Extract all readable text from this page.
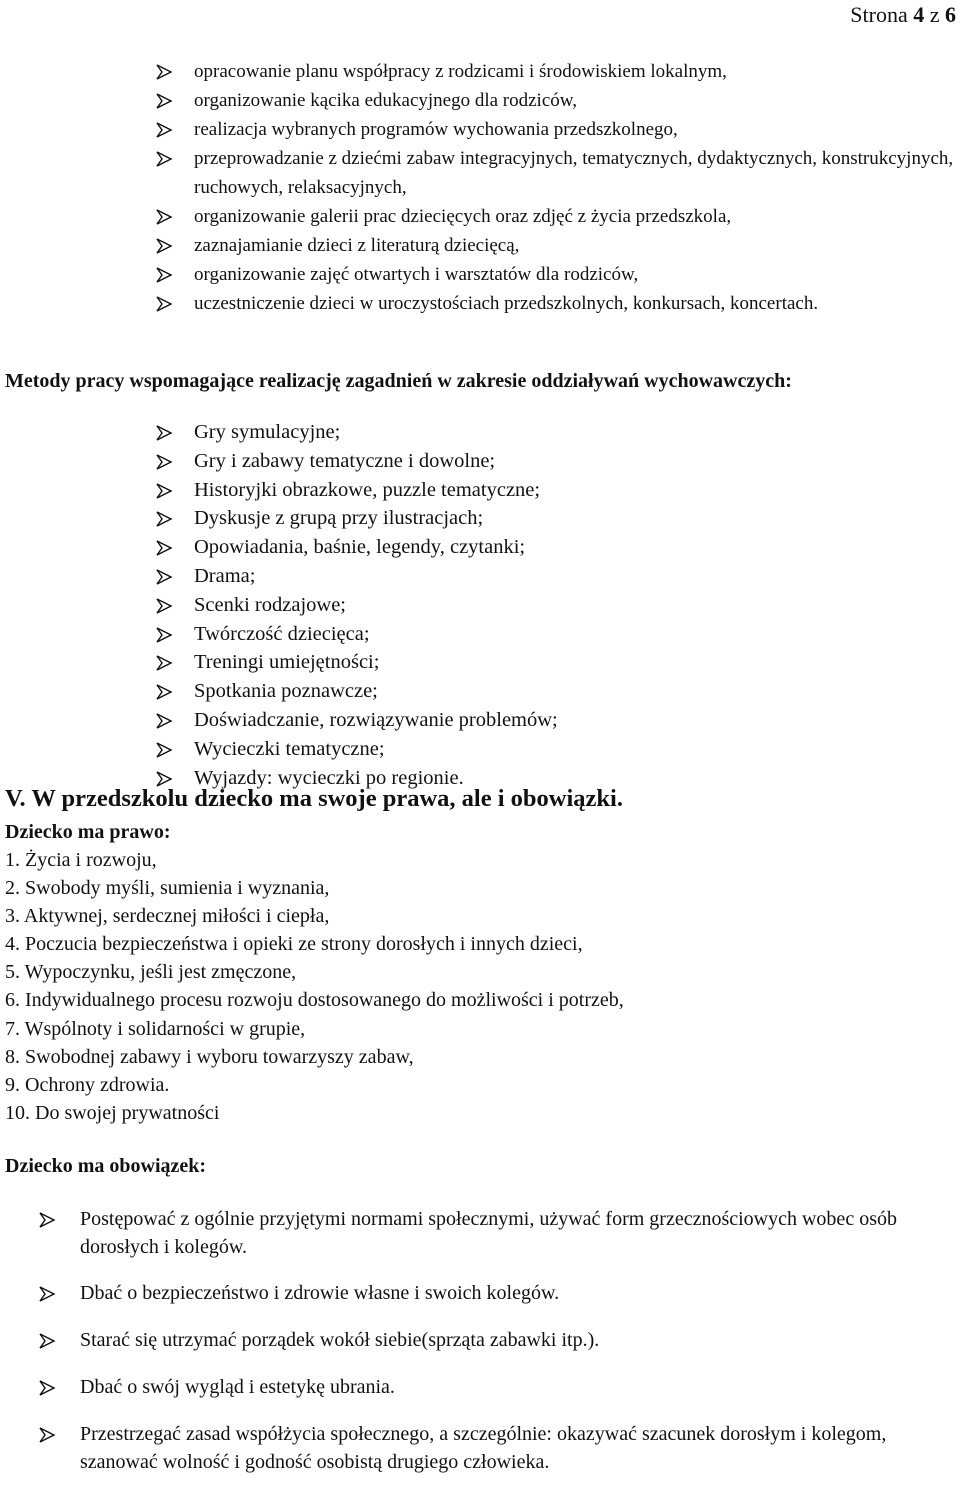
Strona 4 z 6
opracowanie planu współpracy z rodzicami i środowiskiem lokalnym,
organizowanie kącika edukacyjnego dla rodziców,
realizacja wybranych programów wychowania przedszkolnego,
przeprowadzanie z dziećmi zabaw integracyjnych, tematycznych, dydaktycznych, konstrukcyjnych, ruchowych, relaksacyjnych,
organizowanie galerii prac dziecięcych oraz zdjęć z życia przedszkola,
zaznajamianie dzieci z literaturą dziecięcą,
organizowanie zajęć otwartych i warsztatów dla rodziców,
uczestniczenie dzieci w uroczystościach przedszkolnych, konkursach, koncertach.
Metody pracy wspomagające realizację zagadnień w zakresie oddziaływań wychowawczych:
Gry symulacyjne;
Gry i zabawy tematyczne i dowolne;
Historyjki obrazkowe, puzzle tematyczne;
Dyskusje z grupą przy ilustracjach;
Opowiadania, baśnie, legendy, czytanki;
Drama;
Scenki rodzajowe;
Twórczość dziecięca;
Treningi umiejętności;
Spotkania poznawcze;
Doświadczanie, rozwiązywanie problemów;
Wycieczki tematyczne;
Wyjazdy: wycieczki po regionie.
V. W przedszkolu dziecko ma swoje prawa, ale i obowiązki.
Dziecko ma prawo:
1. Życia i rozwoju,
2. Swobody myśli, sumienia i wyznania,
3. Aktywnej, serdecznej miłości i ciepła,
4. Poczucia bezpieczeństwa i opieki ze strony dorosłych i innych dzieci,
5. Wypoczynku, jeśli jest zmęczone,
6. Indywidualnego procesu rozwoju dostosowanego do możliwości i potrzeb,
7. Wspólnoty i solidarności w grupie,
8. Swobodnej zabawy i wyboru towarzyszy zabaw,
9. Ochrony zdrowia.
10. Do swojej prywatności
Dziecko ma obowiązek:
Postępować z ogólnie przyjętymi normami społecznymi, używać form grzecznościowych wobec osób dorosłych i kolegów.
Dbać o bezpieczeństwo i zdrowie własne i swoich kolegów.
Starać się utrzymać porządek wokół siebie(sprząta zabawki itp.).
Dbać o swój wygląd i estetykę ubrania.
Przestrzegać zasad współżycia społecznego, a szczególnie: okazywać szacunek dorosłym i kolegom, szanować wolność i godność osobistą drugiego człowieka.
